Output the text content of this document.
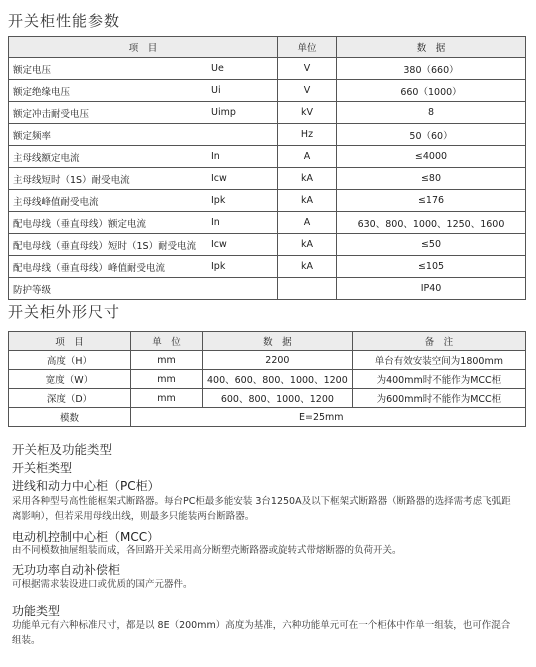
开关柜性能参数
项　目		单位	数　据
额定电压	Ue	V	380（660）
额定绝缘电压	Ui	V	660（1000）
额定冲击耐受电压	Uimp	kV	8
额定频率		Hz	50（60）
主母线额定电流	In	A	≤4000
主母线短时（1S）耐受电流	Icw	kA	≤80
主母线峰值耐受电流	Ipk	kA	≤176
配电母线（垂直母线）额定电流	In	A	630、800、1000、1250、1600
配电母线（垂直母线）短时（1S）耐受电流	Icw	kA	≤50
配电母线（垂直母线）峰值耐受电流	Ipk	kA	≤105
防护等级			IP40
开关柜外形尺寸
项　目	单　位	数　据	备　注
高度（H）	mm	2200	单台有效安装空间为1800mm
宽度（W）	mm	400、600、800、1000、1200	为400mm时不能作为MCC柜
深度（D）	mm	600、800、1000、1200	为600mm时不能作为MCC柜
模数	E=25mm		
开关柜及功能类型
开关柜类型
进线和动力中心柜（PC柜）
采用各种型号高性能框架式断路器。每台PC柜最多能安装 3台1250A及以下框架式断路器（断路器的选择需考虑飞弧距离影响），但若采用母线出线，则最多只能装两台断路器。
电动机控制中心柜（MCC）
由不同模数抽屉组装而成，各回路开关采用高分断塑壳断路器或旋转式带熔断器的负荷开关。
无功功率自动补偿柜
可根据需求装设进口或优质的国产元器件。
功能类型
功能单元有六种标准尺寸，都是以 8E（200mm）高度为基准，六种功能单元可在一个柜体中作单一组装，也可作混合组装。
